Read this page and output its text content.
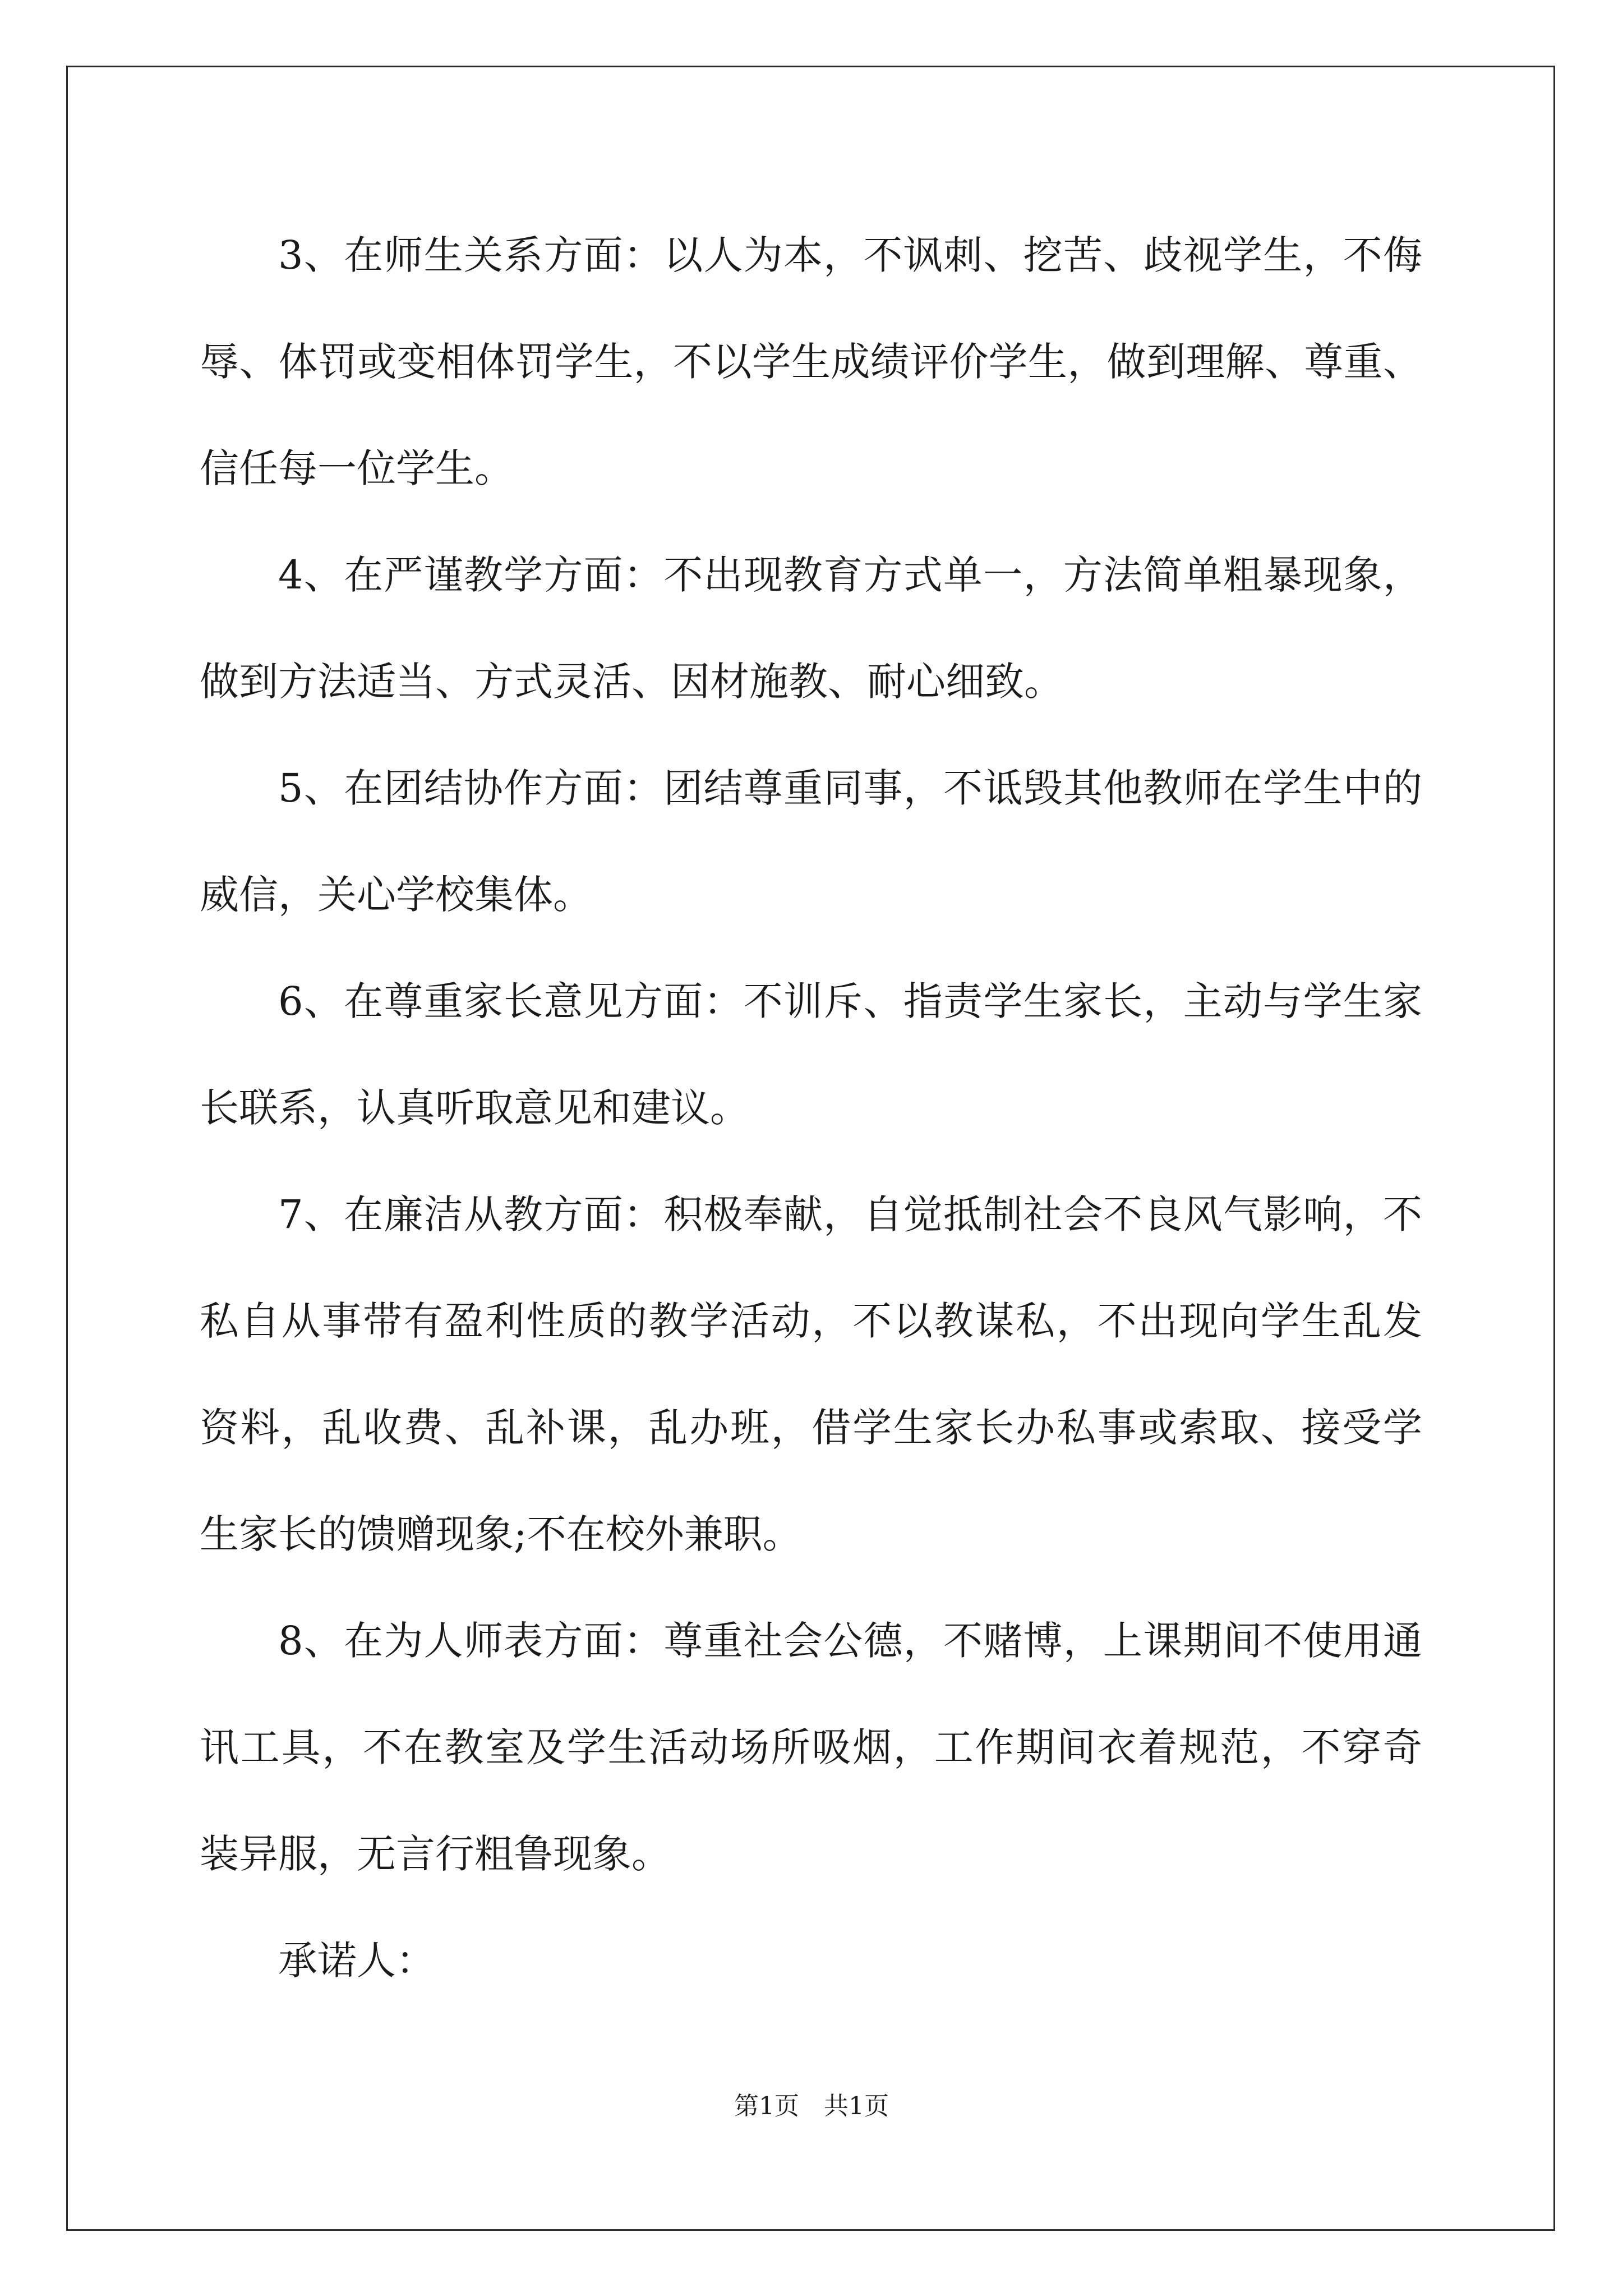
3、在师生关系方面：以人为本，不讽刺、挖苦、歧视学生，不侮
辱、体罚或变相体罚学生，不以学生成绩评价学生，做到理解、尊重、
信任每一位学生。
4、在严谨教学方面：不出现教育方式单一，方法简单粗暴现象，
做到方法适当、方式灵活、因材施教、耐心细致。
5、在团结协作方面：团结尊重同事，不诋毁其他教师在学生中的
威信，关心学校集体。
6、在尊重家长意见方面：不训斥、指责学生家长，主动与学生家
长联系，认真听取意见和建议。
7、在廉洁从教方面：积极奉献，自觉抵制社会不良风气影响，不
私自从事带有盈利性质的教学活动，不以教谋私，不出现向学生乱发
资料，乱收费、乱补课，乱办班，借学生家长办私事或索取、接受学
生家长的馈赠现象;不在校外兼职。
8、在为人师表方面：尊重社会公德，不赌博，上课期间不使用通
讯工具，不在教室及学生活动场所吸烟，工作期间衣着规范，不穿奇
装异服，无言行粗鲁现象。
承诺人：
第1页　共1页
